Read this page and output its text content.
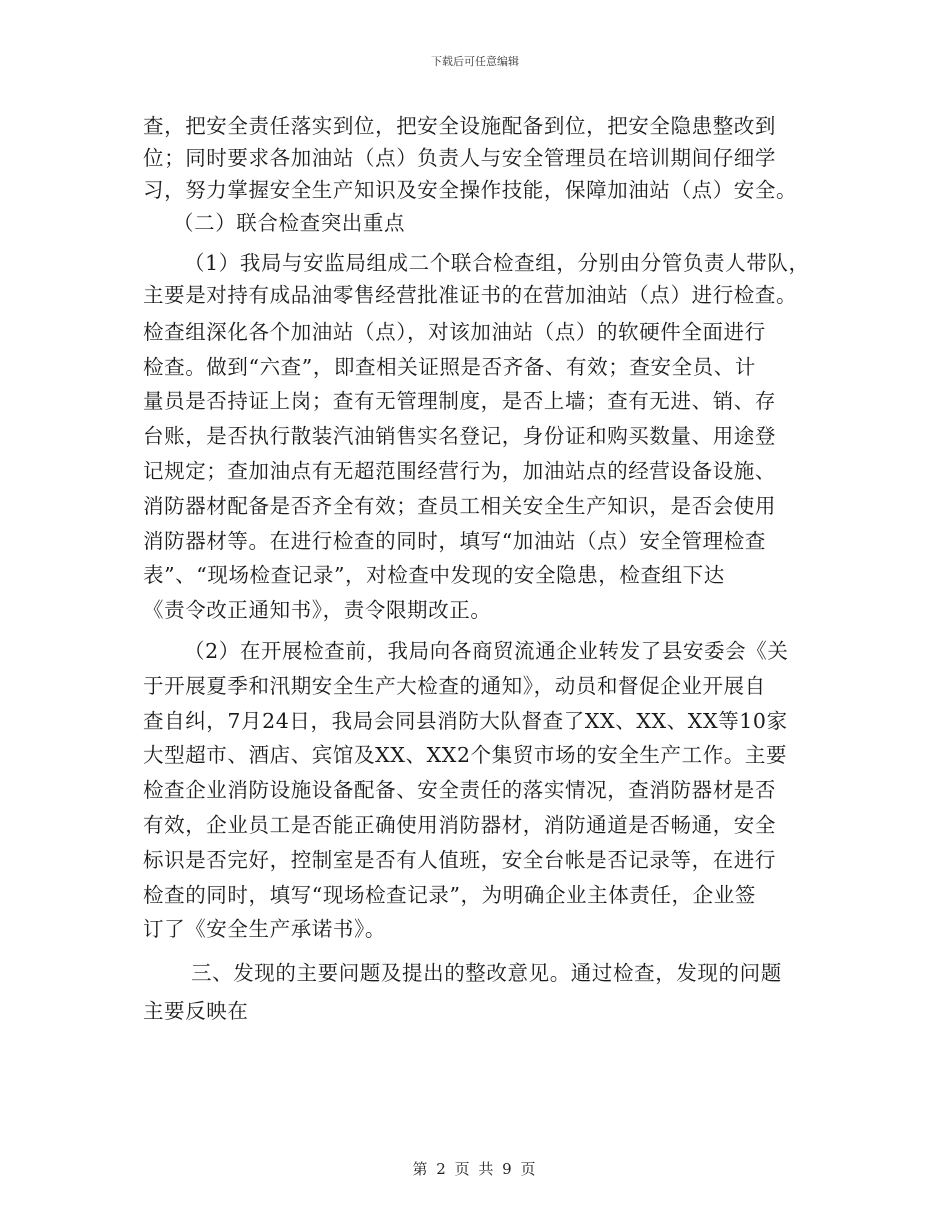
下载后可任意编辑
查，把安全责任落实到位，把安全设施配备到位，把安全隐患整改到
位；同时要求各加油站（点）负责人与安全管理员在培训期间仔细学
习，努力掌握安全生产知识及安全操作技能，保障加油站（点）安全。
（二）联合检查突出重点
（1）我局与安监局组成二个联合检查组，分别由分管负责人带队，
主要是对持有成品油零售经营批准证书的在营加油站（点）进行检查。
检查组深化各个加油站（点），对该加油站（点）的软硬件全面进行
检查。做到“六查”，即查相关证照是否齐备、有效；查安全员、计
量员是否持证上岗；查有无管理制度，是否上墙；查有无进、销、存
台账，是否执行散装汽油销售实名登记，身份证和购买数量、用途登
记规定；查加油点有无超范围经营行为，加油站点的经营设备设施、
消防器材配备是否齐全有效；查员工相关安全生产知识，是否会使用
消防器材等。在进行检查的同时，填写“加油站（点）安全管理检查
表”、“现场检查记录”，对检查中发现的安全隐患，检查组下达
《责令改正通知书》，责令限期改正。
（2）在开展检查前，我局向各商贸流通企业转发了县安委会《关
于开展夏季和汛期安全生产大检查的通知》，动员和督促企业开展自
查自纠，7月24日，我局会同县消防大队督查了XX、XX、XX等10家
大型超市、酒店、宾馆及XX、XX2个集贸市场的安全生产工作。主要
检查企业消防设施设备配备、安全责任的落实情况，查消防器材是否
有效，企业员工是否能正确使用消防器材，消防通道是否畅通，安全
标识是否完好，控制室是否有人值班，安全台帐是否记录等，在进行
检查的同时，填写“现场检查记录”，为明确企业主体责任，企业签
订了《安全生产承诺书》。
三、发现的主要问题及提出的整改意见。通过检查，发现的问题
主要反映在
第 2 页 共 9 页
